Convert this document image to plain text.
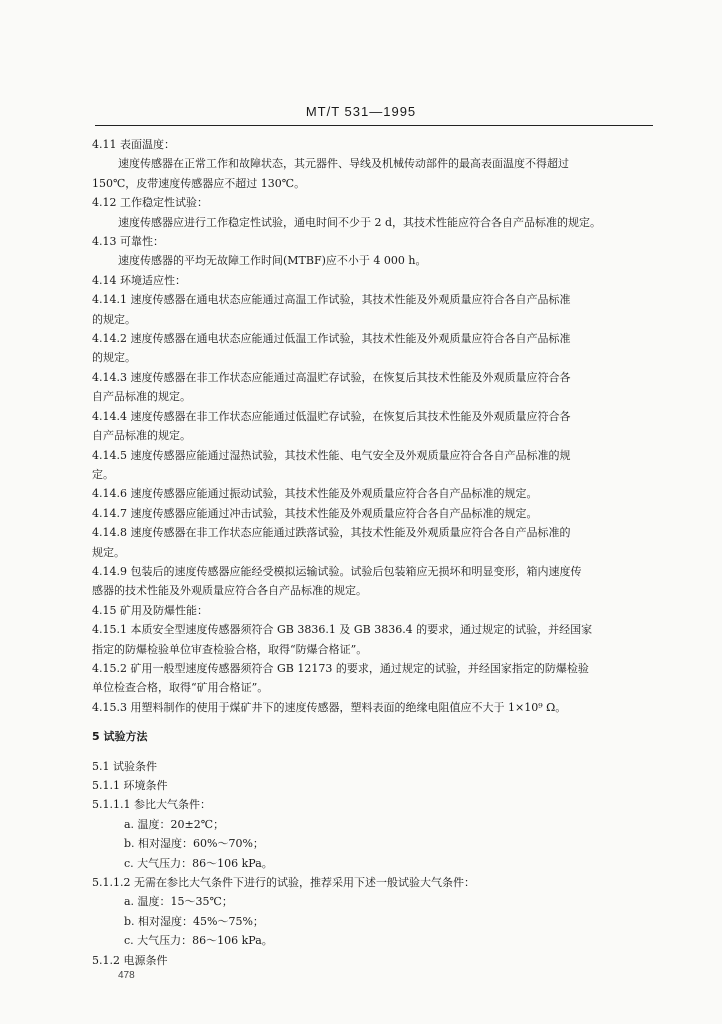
MT/T 531—1995
4.11 表面温度：
速度传感器在正常工作和故障状态，其元器件、导线及机械传动部件的最高表面温度不得超过
150℃，皮带速度传感器应不超过 130℃。
4.12 工作稳定性试验：
速度传感器应进行工作稳定性试验，通电时间不少于 2 d，其技术性能应符合各自产品标准的规定。
4.13 可靠性：
速度传感器的平均无故障工作时间(MTBF)应不小于 4 000 h。
4.14 环境适应性：
4.14.1 速度传感器在通电状态应能通过高温工作试验，其技术性能及外观质量应符合各自产品标准
的规定。
4.14.2 速度传感器在通电状态应能通过低温工作试验，其技术性能及外观质量应符合各自产品标准
的规定。
4.14.3 速度传感器在非工作状态应能通过高温贮存试验，在恢复后其技术性能及外观质量应符合各
自产品标准的规定。
4.14.4 速度传感器在非工作状态应能通过低温贮存试验，在恢复后其技术性能及外观质量应符合各
自产品标准的规定。
4.14.5 速度传感器应能通过湿热试验，其技术性能、电气安全及外观质量应符合各自产品标准的规
定。
4.14.6 速度传感器应能通过振动试验，其技术性能及外观质量应符合各自产品标准的规定。
4.14.7 速度传感器应能通过冲击试验，其技术性能及外观质量应符合各自产品标准的规定。
4.14.8 速度传感器在非工作状态应能通过跌落试验，其技术性能及外观质量应符合各自产品标准的
规定。
4.14.9 包装后的速度传感器应能经受模拟运输试验。试验后包装箱应无损坏和明显变形，箱内速度传
感器的技术性能及外观质量应符合各自产品标准的规定。
4.15 矿用及防爆性能：
4.15.1 本质安全型速度传感器须符合 GB 3836.1 及 GB 3836.4 的要求，通过规定的试验，并经国家
指定的防爆检验单位审查检验合格，取得“防爆合格证”。
4.15.2 矿用一般型速度传感器须符合 GB 12173 的要求，通过规定的试验，并经国家指定的防爆检验
单位检查合格，取得“矿用合格证”。
4.15.3 用塑料制作的使用于煤矿井下的速度传感器，塑料表面的绝缘电阻值应不大于 1×10⁹ Ω。
5 试验方法
5.1 试验条件
5.1.1 环境条件
5.1.1.1 参比大气条件：
a. 温度：20±2℃；
b. 相对湿度：60%～70%；
c. 大气压力：86～106 kPa。
5.1.1.2 无需在参比大气条件下进行的试验，推荐采用下述一般试验大气条件：
a. 温度：15～35℃；
b. 相对湿度：45%～75%；
c. 大气压力：86～106 kPa。
5.1.2 电源条件
478
